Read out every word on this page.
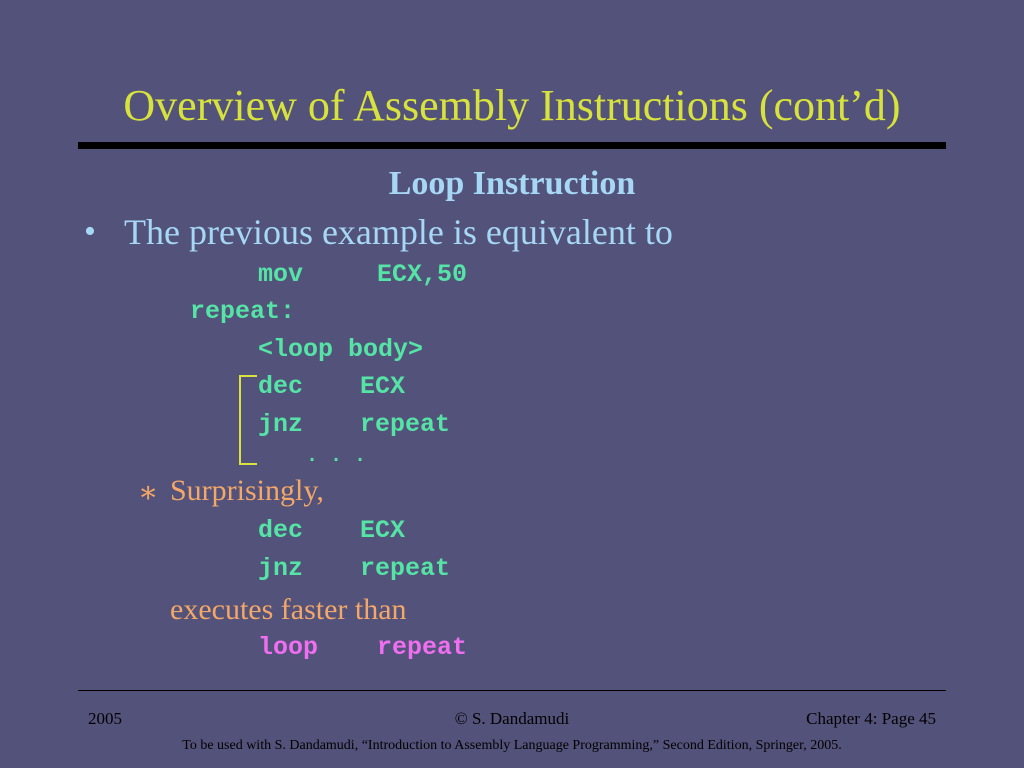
Overview of Assembly Instructions (cont’d)
Loop Instruction
• The previous example is equivalent to
mov	ECX,50
repeat:
<loop body>
dec ECX
jnz repeat
. . .
∗ Surprisingly,
dec ECX
jnz repeat
executes faster than
loop repeat
2005	© S. Dandamudi	Chapter 4: Page 45
To be used with S. Dandamudi, “Introduction to Assembly Language Programming,” Second Edition, Springer, 2005.
